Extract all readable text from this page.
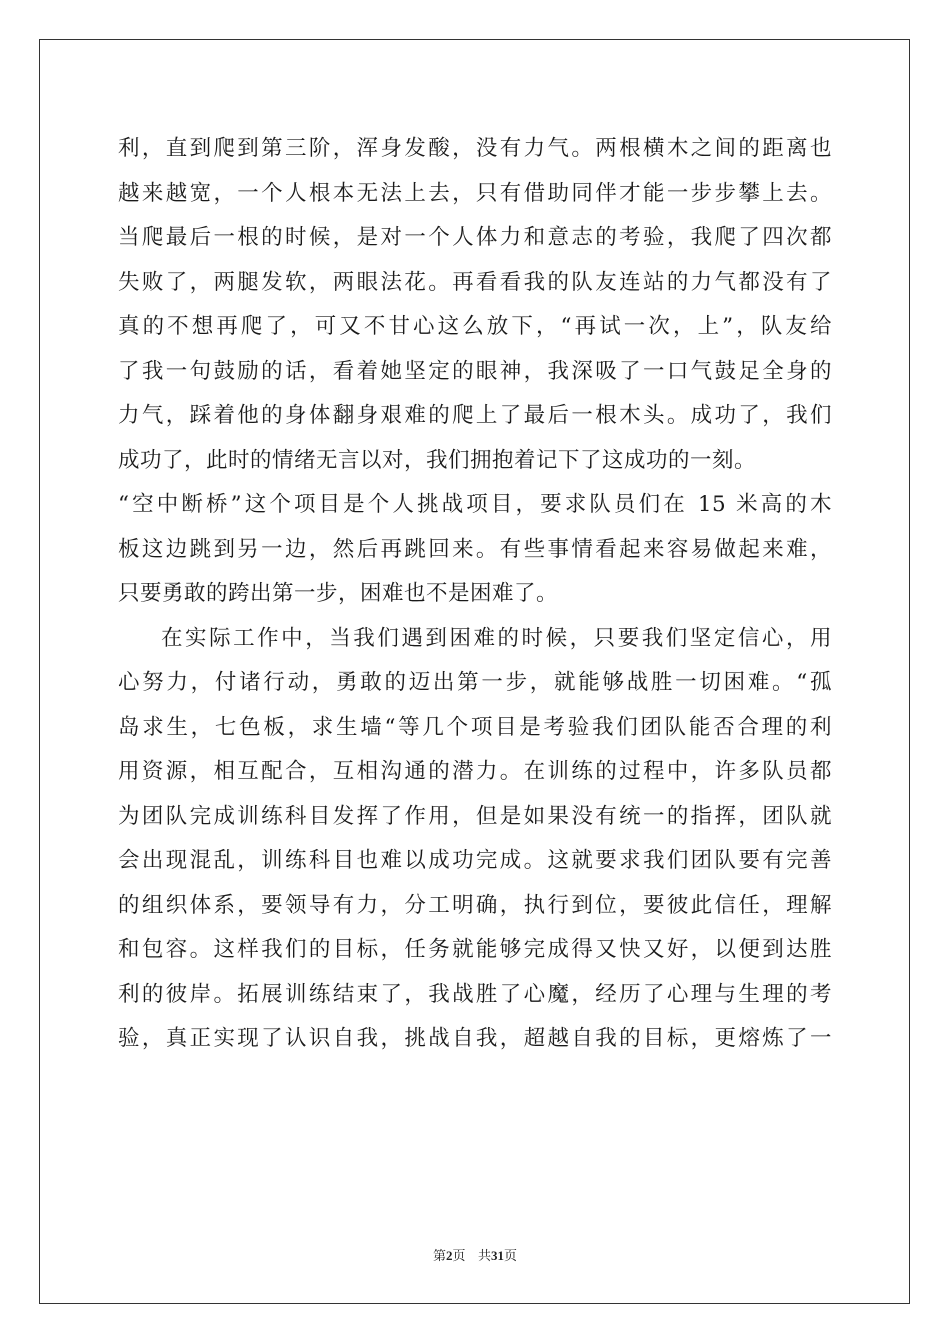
利，直到爬到第三阶，浑身发酸，没有力气。两根横木之间的距离也
越来越宽，一个人根本无法上去，只有借助同伴才能一步步攀上去。
当爬最后一根的时候，是对一个人体力和意志的考验，我爬了四次都
失败了，两腿发软，两眼法花。再看看我的队友连站的力气都没有了
真的不想再爬了，可又不甘心这么放下，“再试一次，上”，队友给
了我一句鼓励的话，看着她坚定的眼神，我深吸了一口气鼓足全身的
力气，踩着他的身体翻身艰难的爬上了最后一根木头。成功了，我们
成功了，此时的情绪无言以对，我们拥抱着记下了这成功的一刻。
“空中断桥”这个项目是个人挑战项目，要求队员们在 15 米高的木
板这边跳到另一边，然后再跳回来。有些事情看起来容易做起来难，
只要勇敢的跨出第一步，困难也不是困难了。
在实际工作中，当我们遇到困难的时候，只要我们坚定信心，用
心努力，付诸行动，勇敢的迈出第一步，就能够战胜一切困难。“孤
岛求生，七色板，求生墙“等几个项目是考验我们团队能否合理的利
用资源，相互配合，互相沟通的潜力。在训练的过程中，许多队员都
为团队完成训练科目发挥了作用，但是如果没有统一的指挥，团队就
会出现混乱，训练科目也难以成功完成。这就要求我们团队要有完善
的组织体系，要领导有力，分工明确，执行到位，要彼此信任，理解
和包容。这样我们的目标，任务就能够完成得又快又好，以便到达胜
利的彼岸。拓展训练结束了，我战胜了心魔，经历了心理与生理的考
验，真正实现了认识自我，挑战自我，超越自我的目标，更熔炼了一
第2页 共31页
